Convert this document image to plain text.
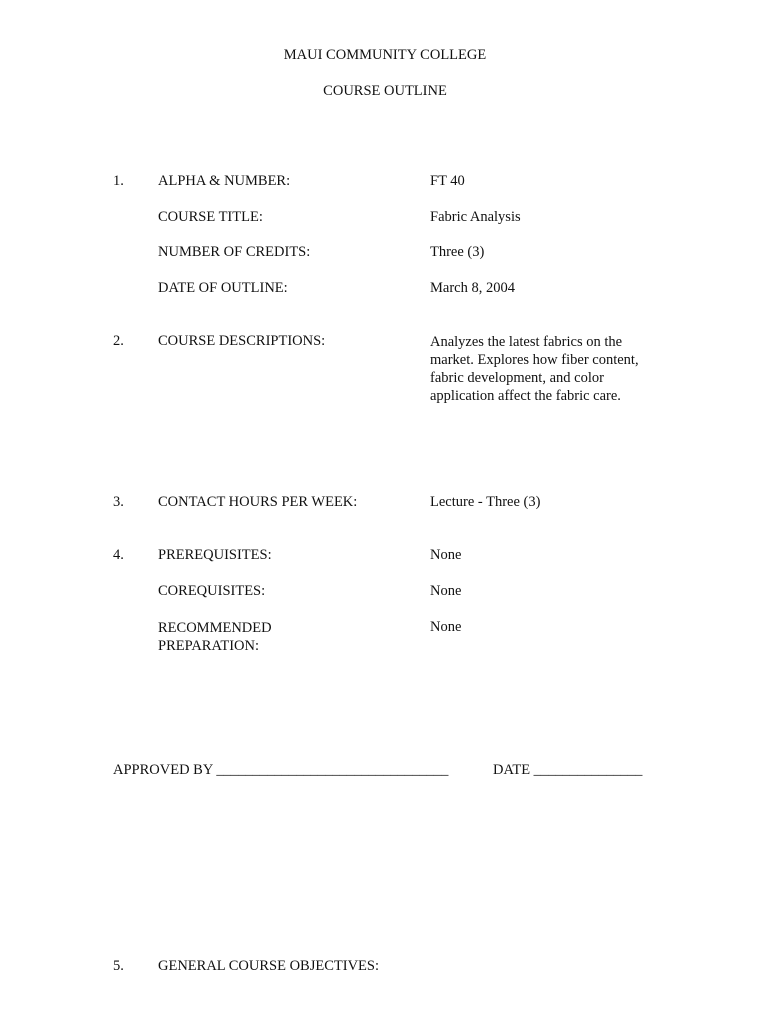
MAUI COMMUNITY COLLEGE
COURSE OUTLINE
1. ALPHA & NUMBER:	FT 40
COURSE TITLE:	Fabric Analysis
NUMBER OF CREDITS:	Three (3)
DATE OF OUTLINE:	March 8, 2004
2. COURSE DESCRIPTIONS:	Analyzes the latest fabrics on the market. Explores how fiber content, fabric development, and color application affect the fabric care.
3. CONTACT HOURS PER WEEK:	Lecture - Three (3)
4. PREREQUISITES:	None
COREQUISITES:	None
RECOMMENDED PREPARATION:
None
APPROVED BY ________________________________	DATE _______________
5. GENERAL COURSE OBJECTIVES:
